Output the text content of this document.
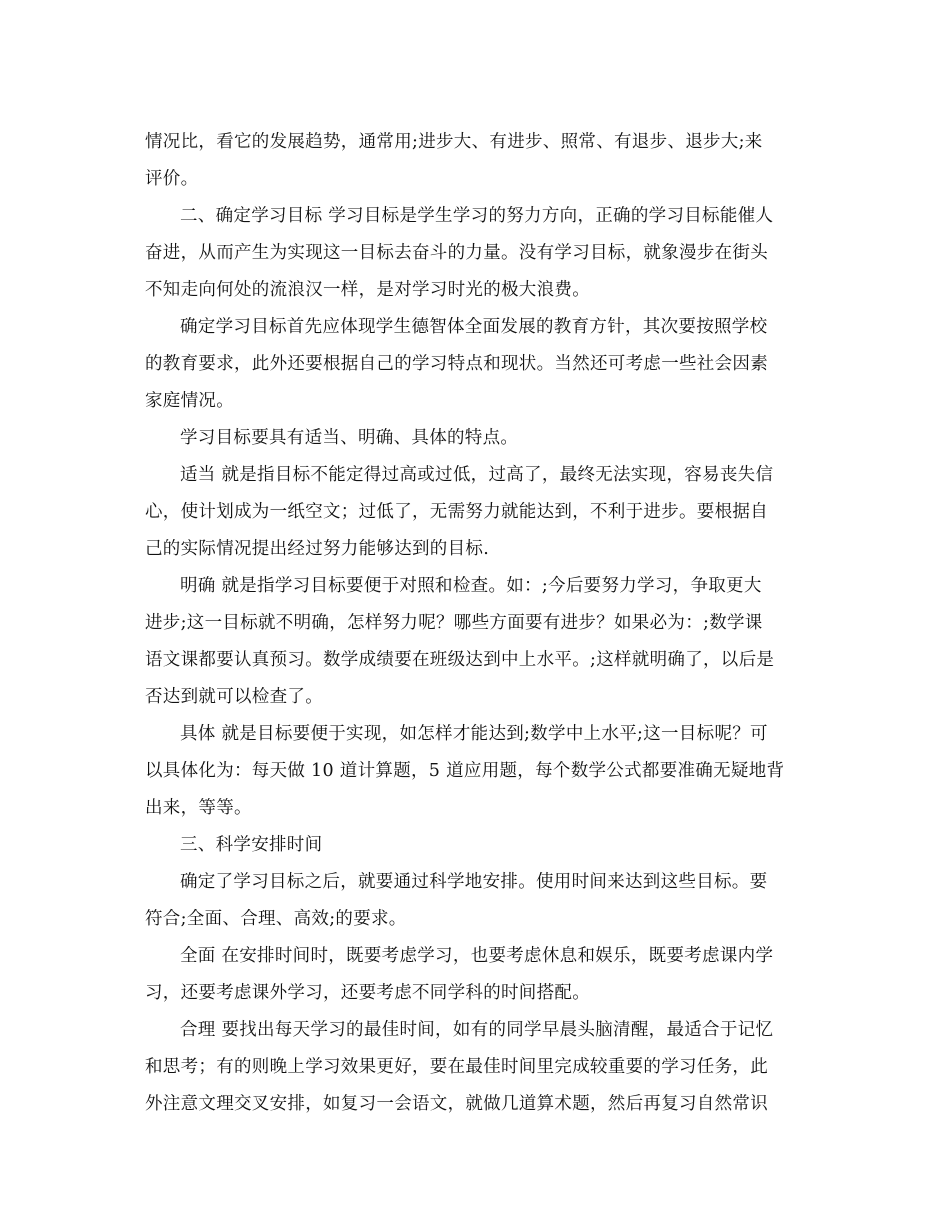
情况比，看它的发展趋势，通常用;进步大、有进步、照常、有退步、退步大;来
评价。
二、确定学习目标 学习目标是学生学习的努力方向，正确的学习目标能催人
奋进，从而产生为实现这一目标去奋斗的力量。没有学习目标，就象漫步在街头
不知走向何处的流浪汉一样，是对学习时光的极大浪费。
确定学习目标首先应体现学生德智体全面发展的教育方针，其次要按照学校
的教育要求，此外还要根据自己的学习特点和现状。当然还可考虑一些社会因素
家庭情况。
学习目标要具有适当、明确、具体的特点。
适当 就是指目标不能定得过高或过低，过高了，最终无法实现，容易丧失信
心，使计划成为一纸空文；过低了，无需努力就能达到，不利于进步。要根据自
己的实际情况提出经过努力能够达到的目标.
明确 就是指学习目标要便于对照和检查。如：;今后要努力学习，争取更大
进步;这一目标就不明确，怎样努力呢？哪些方面要有进步？如果必为：;数学课
语文课都要认真预习。数学成绩要在班级达到中上水平。;这样就明确了，以后是
否达到就可以检查了。
具体 就是目标要便于实现，如怎样才能达到;数学中上水平;这一目标呢？可
以具体化为：每天做 10 道计算题，5 道应用题，每个数学公式都要准确无疑地背
出来，等等。
三、科学安排时间
确定了学习目标之后，就要通过科学地安排。使用时间来达到这些目标。要
符合;全面、合理、高效;的要求。
全面 在安排时间时，既要考虑学习，也要考虑休息和娱乐，既要考虑课内学
习，还要考虑课外学习，还要考虑不同学科的时间搭配。
合理 要找出每天学习的最佳时间，如有的同学早晨头脑清醒，最适合于记忆
和思考；有的则晚上学习效果更好，要在最佳时间里完成较重要的学习任务，此
外注意文理交叉安排，如复习一会语文，就做几道算术题，然后再复习自然常识
